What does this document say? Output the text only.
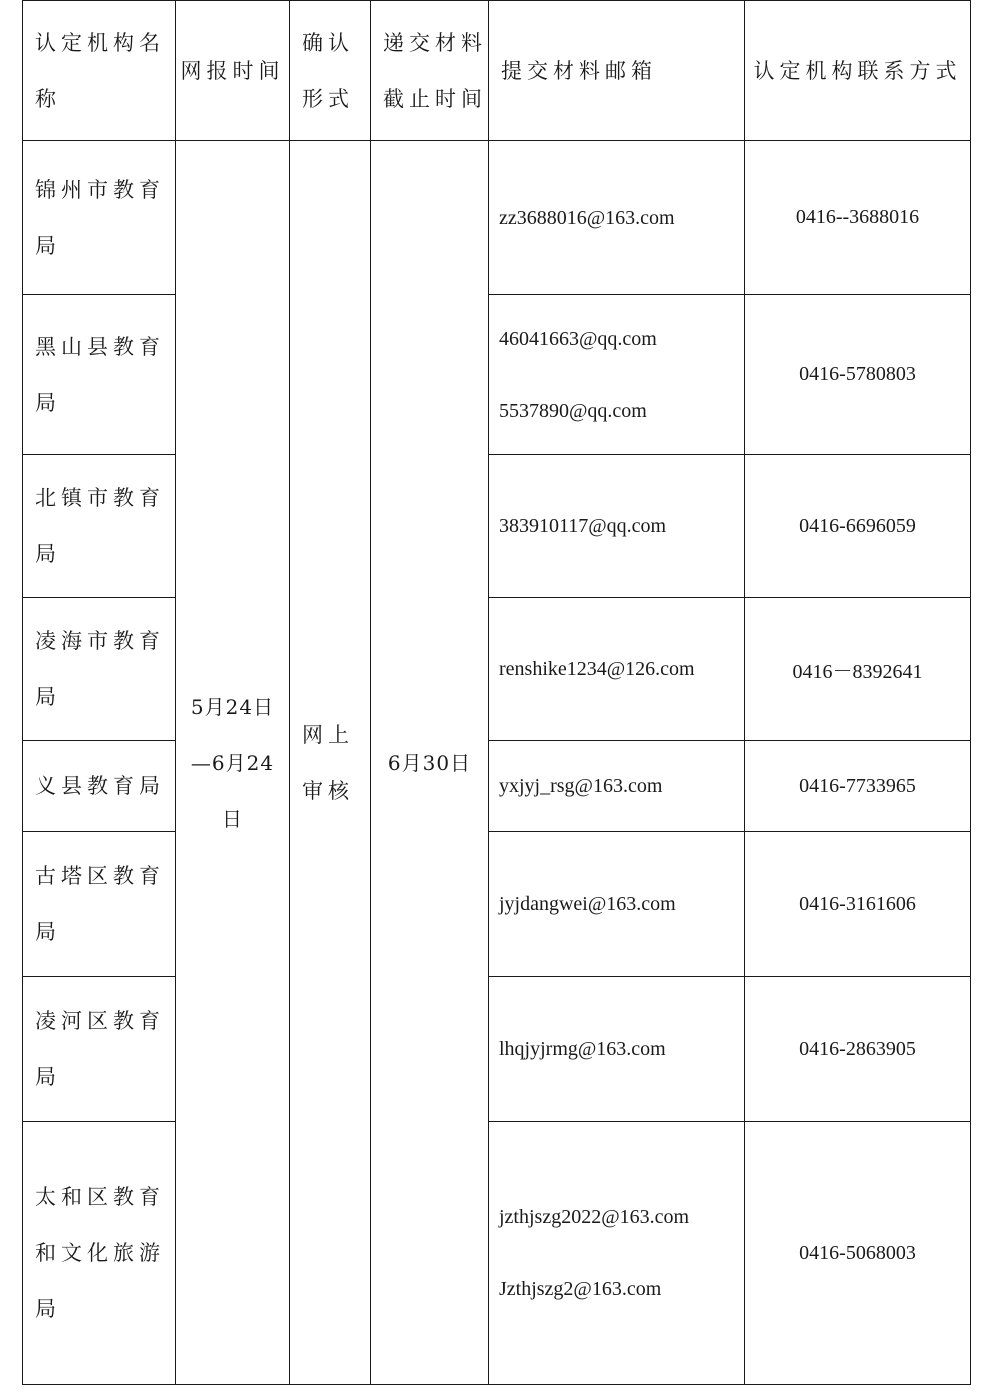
认定机构名称	网报时间	确认形式	递交材料截止时间	提交材料邮箱	认定机构联系方式

锦州市教育
局	5月24日
—6月24
日	网上
审核	6月30日	zz3688016@163.com	0416--3688016

黑山县教育
局				46041663@qq.com
5537890@qq.com	0416-5780803

北镇市教育
局				383910117@qq.com	0416-6696059

凌海市教育
局				renshike1234@126.com	0416－8392641

义县教育局				yxjyj_rsg@163.com	0416-7733965

古塔区教育
局				jyjdangwei@163.com	0416-3161606

凌河区教育
局				lhqjyjrmg@163.com	0416-2863905

太和区教育
和文化旅游
局				jzthjszg2022@163.com
Jzthjszg2@163.com	0416-5068003
